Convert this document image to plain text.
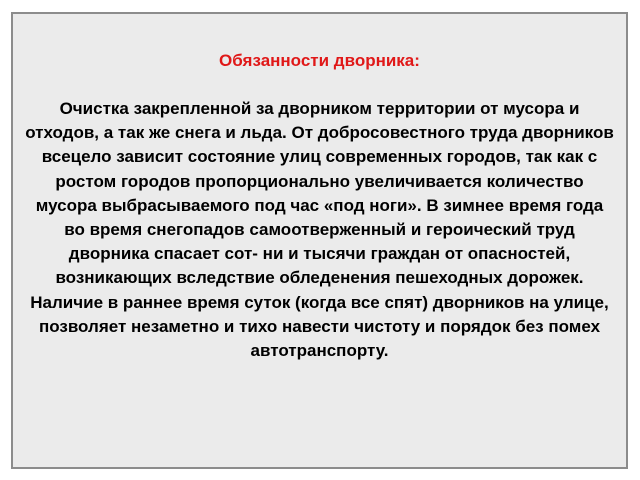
Обязанности дворника:

Очистка закрепленной за дворником территории от мусора и отходов, а так же снега и льда. От добросовестного труда дворников всецело зависит состояние улиц современных городов, так как с ростом городов пропорционально увеличивается количество мусора выбрасываемого под час «под ноги». В зимнее время года во время снегопадов самоотверженный и героический труд дворника спасает сот- ни и тысячи граждан от опасностей, возникающих вследствие обледенения пешеходных дорожек. Наличие в раннее время суток (когда все спят) дворников на улице, позволяет незаметно и тихо навести чистоту и порядок без помех автотранспорту.
